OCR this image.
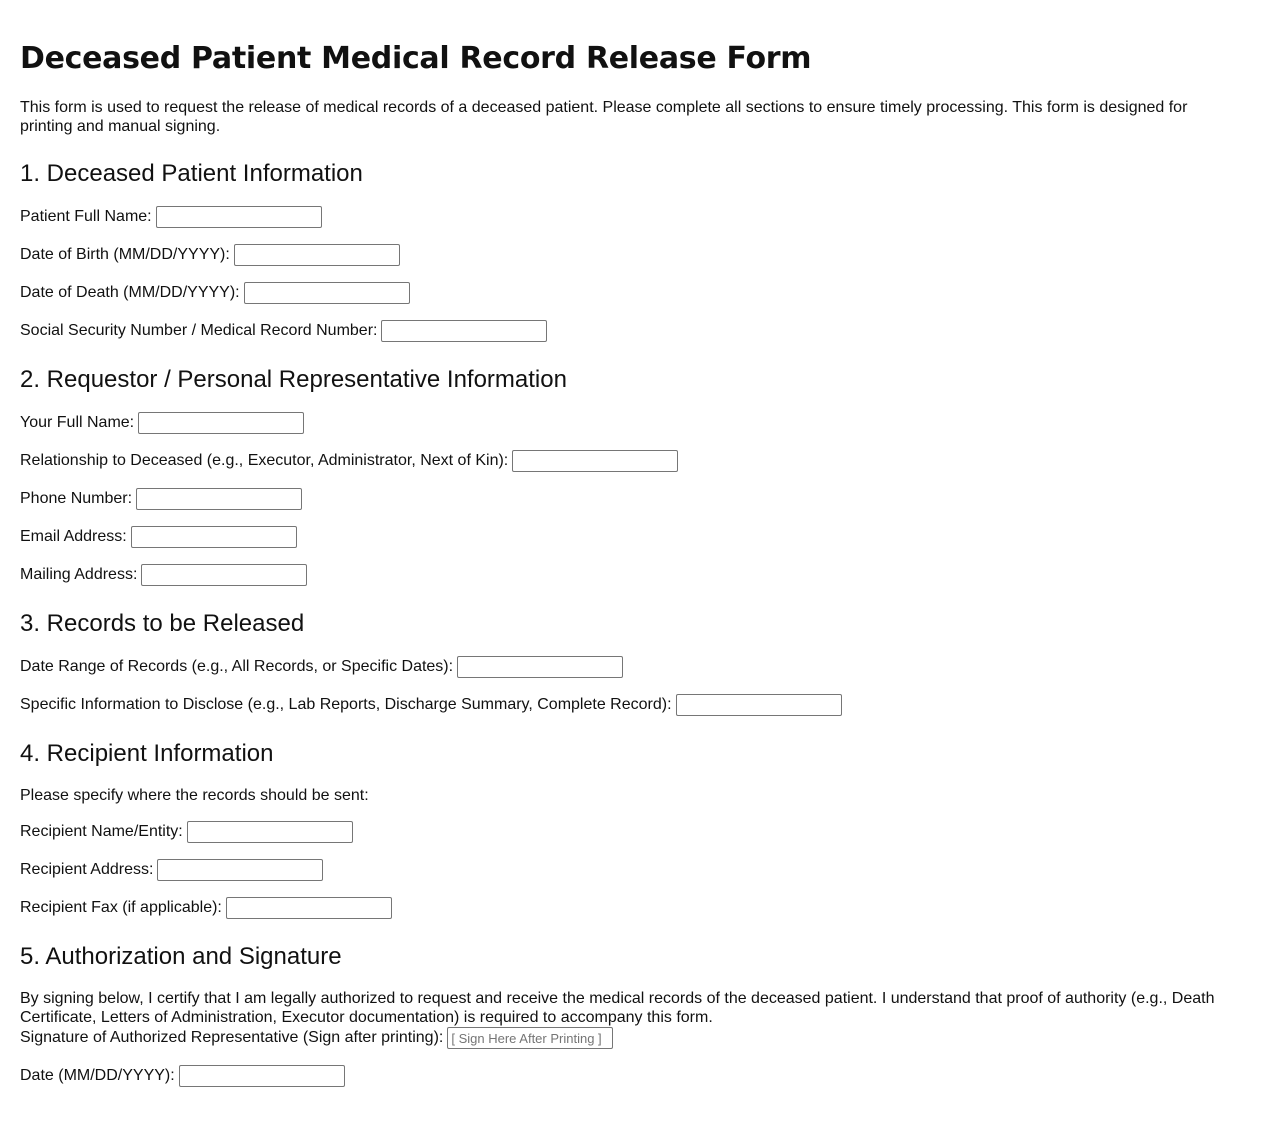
Deceased Patient Medical Record Release Form

This form is used to request the release of medical records of a deceased patient. Please complete all sections to ensure timely processing. This form is designed for printing and manual signing.

1. Deceased Patient Information
Patient Full Name:
Date of Birth (MM/DD/YYYY):
Date of Death (MM/DD/YYYY):
Social Security Number / Medical Record Number:
2. Requestor / Personal Representative Information
Your Full Name:
Relationship to Deceased (e.g., Executor, Administrator, Next of Kin):
Phone Number:
Email Address:
Mailing Address:
3. Records to be Released
Date Range of Records (e.g., All Records, or Specific Dates):
Specific Information to Disclose (e.g., Lab Reports, Discharge Summary, Complete Record):
4. Recipient Information

Please specify where the records should be sent:

Recipient Name/Entity:
Recipient Address:
Recipient Fax (if applicable):
5. Authorization and Signature

By signing below, I certify that I am legally authorized to request and receive the medical records of the deceased patient. I understand that proof of authority (e.g., Death Certificate, Letters of Administration, Executor documentation) is required to accompany this form.

Signature of Authorized Representative (Sign after printing):
[ Sign Here After Printing ]
Date (MM/DD/YYYY):
